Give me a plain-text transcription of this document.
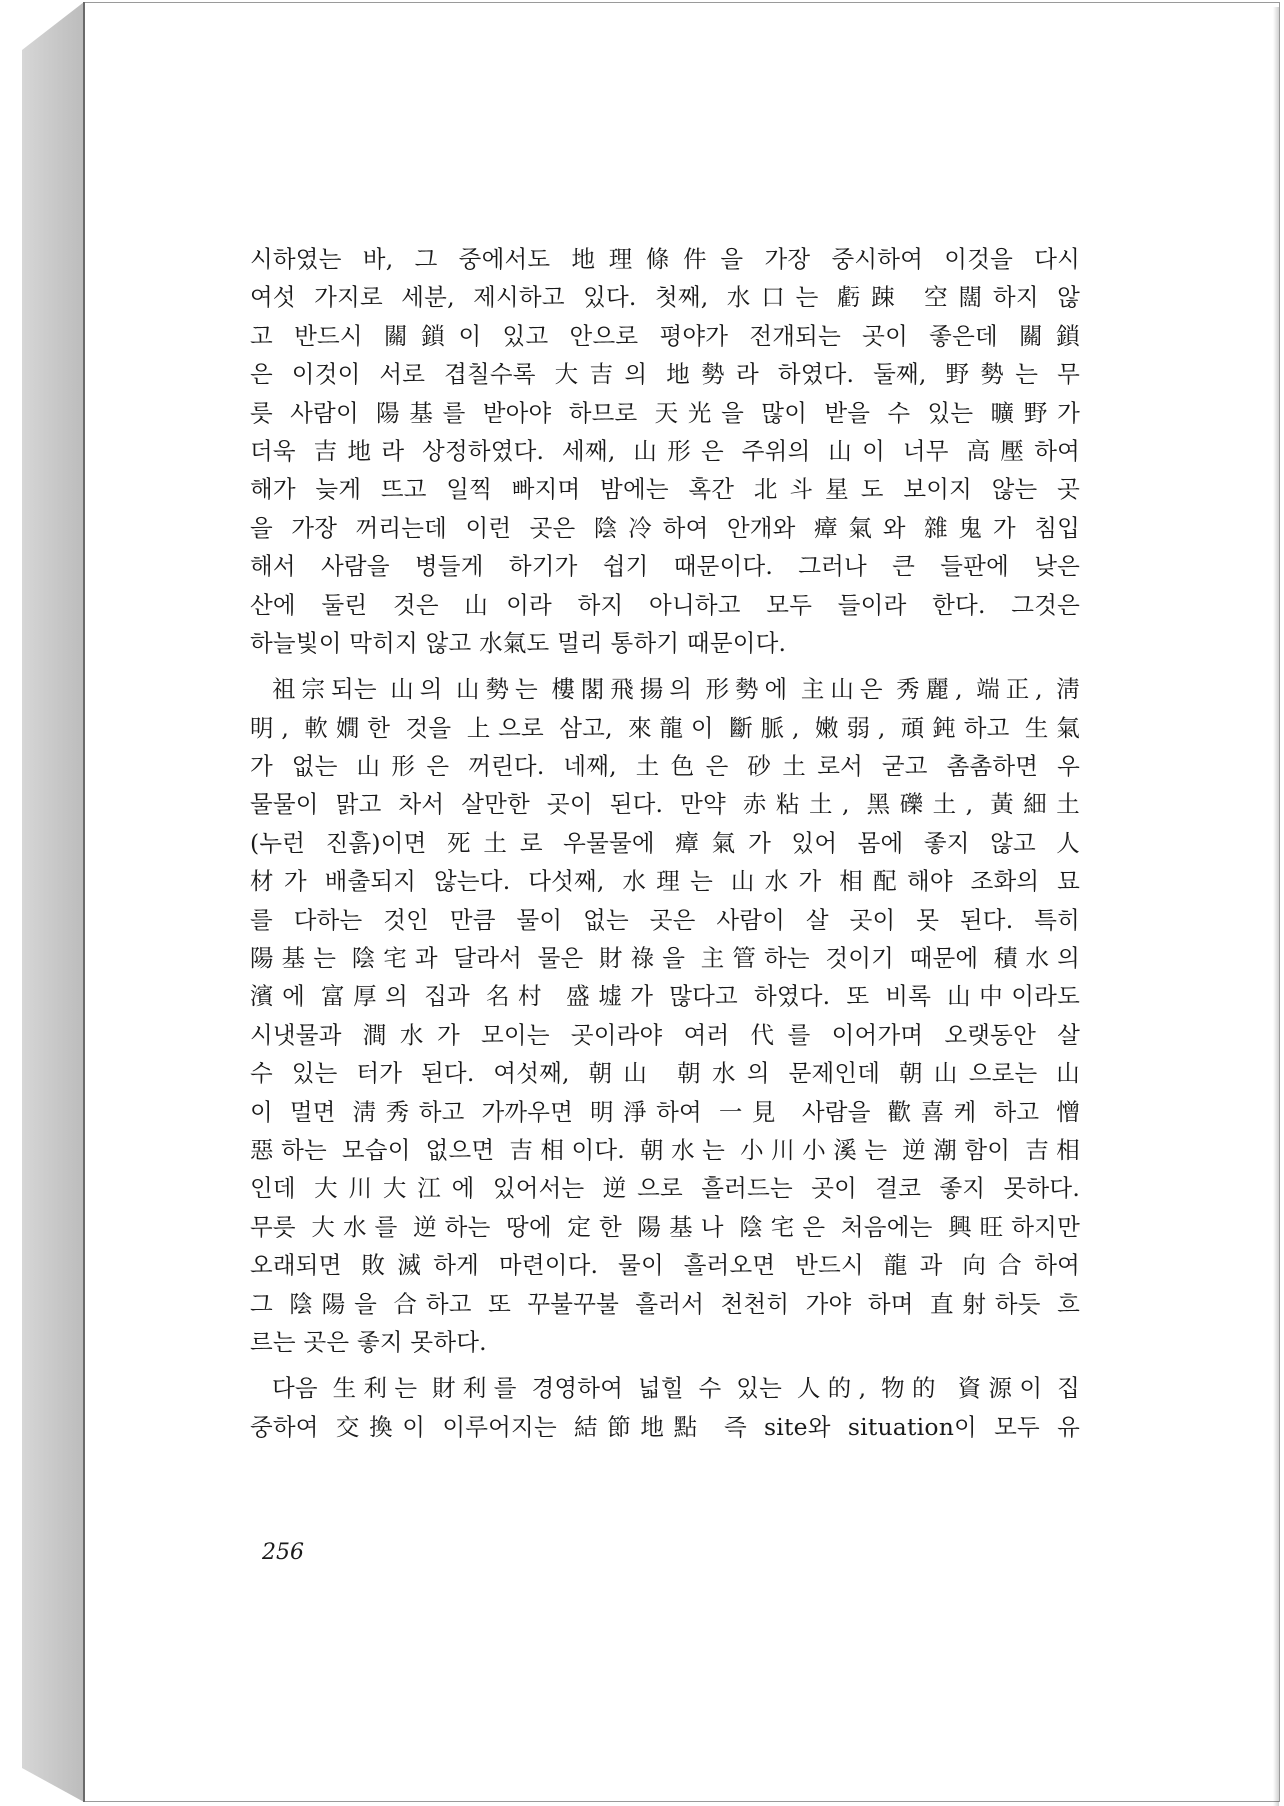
시하였는 바, 그 중에서도 地理條件을 가장 중시하여 이것을 다시
여섯 가지로 세분, 제시하고 있다. 첫째, 水口는 虧踈 空闊하지 않
고 반드시 關鎖이 있고 안으로 평야가 전개되는 곳이 좋은데 關鎖
은 이것이 서로 겹칠수록 大吉의 地勢라 하였다. 둘째, 野勢는 무
릇 사람이 陽基를 받아야 하므로 天光을 많이 받을 수 있는 曠野가
더욱 吉地라 상정하였다. 세째, 山形은 주위의 山이 너무 高壓하여
해가 늦게 뜨고 일찍 빠지며 밤에는 혹간 北斗星도 보이지 않는 곳
을 가장 꺼리는데 이런 곳은 陰冷하여 안개와 瘴氣와 雜鬼가 침입
해서 사람을 병들게 하기가 쉽기 때문이다. 그러나 큰 들판에 낮은
산에 둘린 것은 山이라 하지 아니하고 모두 들이라 한다. 그것은
하늘빛이 막히지 않고 水氣도 멀리 통하기 때문이다.
祖宗되는 山의 山勢는 樓閣飛揚의 形勢에 主山은 秀麗, 端正, 淸
明, 軟嫺한 것을 上으로 삼고, 來龍이 斷脈, 嫩弱, 頑鈍하고 生氣
가 없는 山形은 꺼린다. 네째, 土色은 砂土로서 굳고 촘촘하면 우
물물이 맑고 차서 살만한 곳이 된다. 만약 赤粘土, 黑礫土, 黃細土
(누런 진흙)이면 死土로 우물물에 瘴氣가 있어 몸에 좋지 않고 人
材가 배출되지 않는다. 다섯째, 水理는 山水가 相配해야 조화의 묘
를 다하는 것인 만큼 물이 없는 곳은 사람이 살 곳이 못 된다. 특히
陽基는 陰宅과 달라서 물은 財祿을 主管하는 것이기 때문에 積水의
濱에 富厚의 집과 名村 盛墟가 많다고 하였다. 또 비록 山中이라도
시냇물과 澗水가 모이는 곳이라야 여러 代를 이어가며 오랫동안 살
수 있는 터가 된다. 여섯째, 朝山 朝水의 문제인데 朝山으로는 山
이 멀면 淸秀하고 가까우면 明淨하여 一見 사람을 歡喜케 하고 憎
惡하는 모습이 없으면 吉相이다. 朝水는 小川小溪는 逆潮함이 吉相
인데 大川大江에 있어서는 逆으로 흘러드는 곳이 결코 좋지 못하다.
무릇 大水를 逆하는 땅에 定한 陽基나 陰宅은 처음에는 興旺하지만
오래되면 敗滅하게 마련이다. 물이 흘러오면 반드시 龍과 向合하여
그 陰陽을 合하고 또 꾸불꾸불 흘러서 천천히 가야 하며 直射하듯 흐
르는 곳은 좋지 못하다.
다음 生利는 財利를 경영하여 넓힐 수 있는 人的, 物的 資源이 집
중하여 交換이 이루어지는 結節地點 즉 site와 situation이 모두 유
256
